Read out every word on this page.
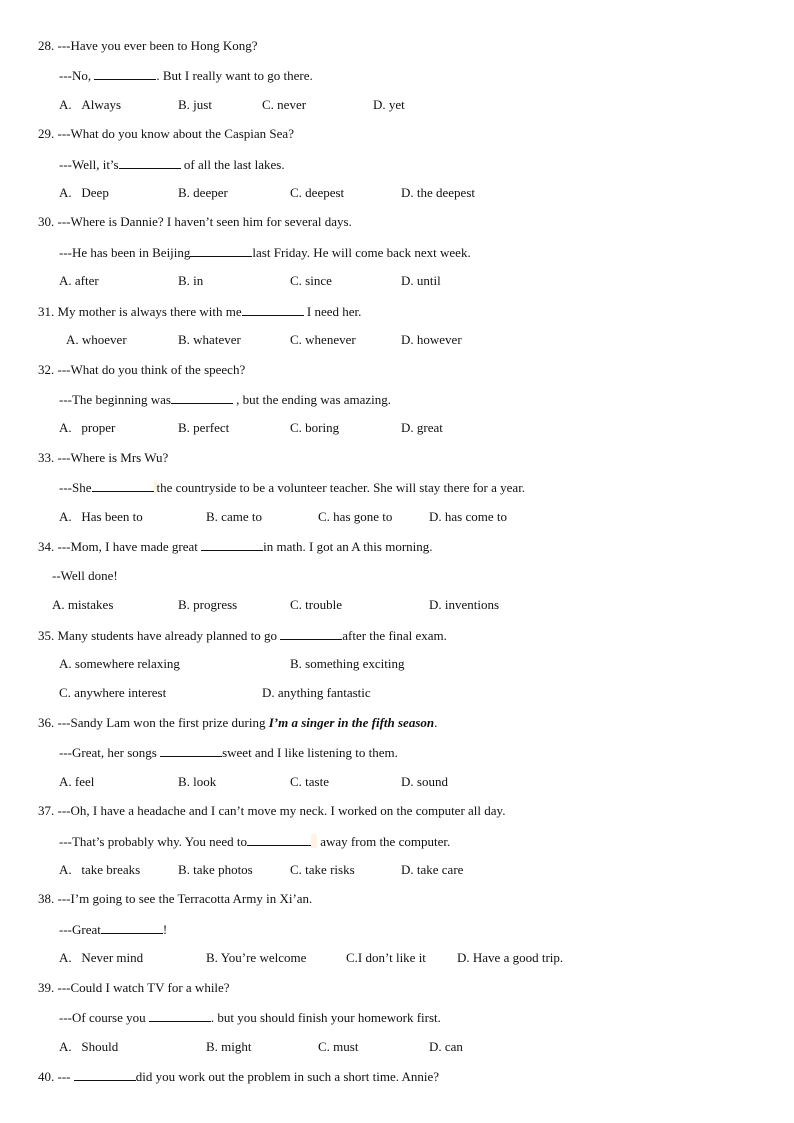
28. ---Have you ever been to Hong Kong?
---No,	. But I really want to go there.
A.   Always	B. just	C. never	D. yet
29. ---What do you know about the Caspian Sea?
---Well, it’s	of all the last lakes.
A.   Deep	B. deeper	C. deepest	D. the deepest
30. ---Where is Dannie? I haven’t seen him for several days.
---He has been in Beijing	last Friday. He will come back next week.
A. after	B. in	C. since	D. until
31. My mother is always there with me	I need her.
A. whoever	B. whatever	C. whenever	D. however
32. ---What do you think of the speech?
---The beginning was	, but the ending was amazing.
A.   proper	B. perfect	C. boring	D. great
33. ---Where is Mrs Wu?
---She	the countryside to be a volunteer teacher. She will stay there for a year.
A.   Has been to	B. came to	C. has gone to	D. has come to
34. ---Mom, I have made great	in math. I got an A this morning.
--Well done!
A. mistakes	B. progress	C. trouble	D. inventions
35. Many students have already planned to go	after the final exam.
A. somewhere relaxing	B. something exciting
C. anywhere interest	D. anything fantastic
36. ---Sandy Lam won the first prize during I’m a singer in the fifth season.
---Great, her songs	sweet and I like listening to them.
A. feel	B. look	C. taste	D. sound
37. ---Oh, I have a headache and I can’t move my neck. I worked on the computer all day.
---That’s probably why. You need to	away from the computer.
A.   take breaks	B. take photos	C. take risks	D. take care
38. ---I’m going to see the Terracotta Army in Xi’an.
---Great	!
A.   Never mind	B. You’re welcome	C.I don’t like it D. Have a good trip.
39. ---Could I watch TV for a while?
---Of course you	. but you should finish your homework first.
A.   Should	B. might	C. must	D. can
40. ---	did you work out the problem in such a short time. Annie?
